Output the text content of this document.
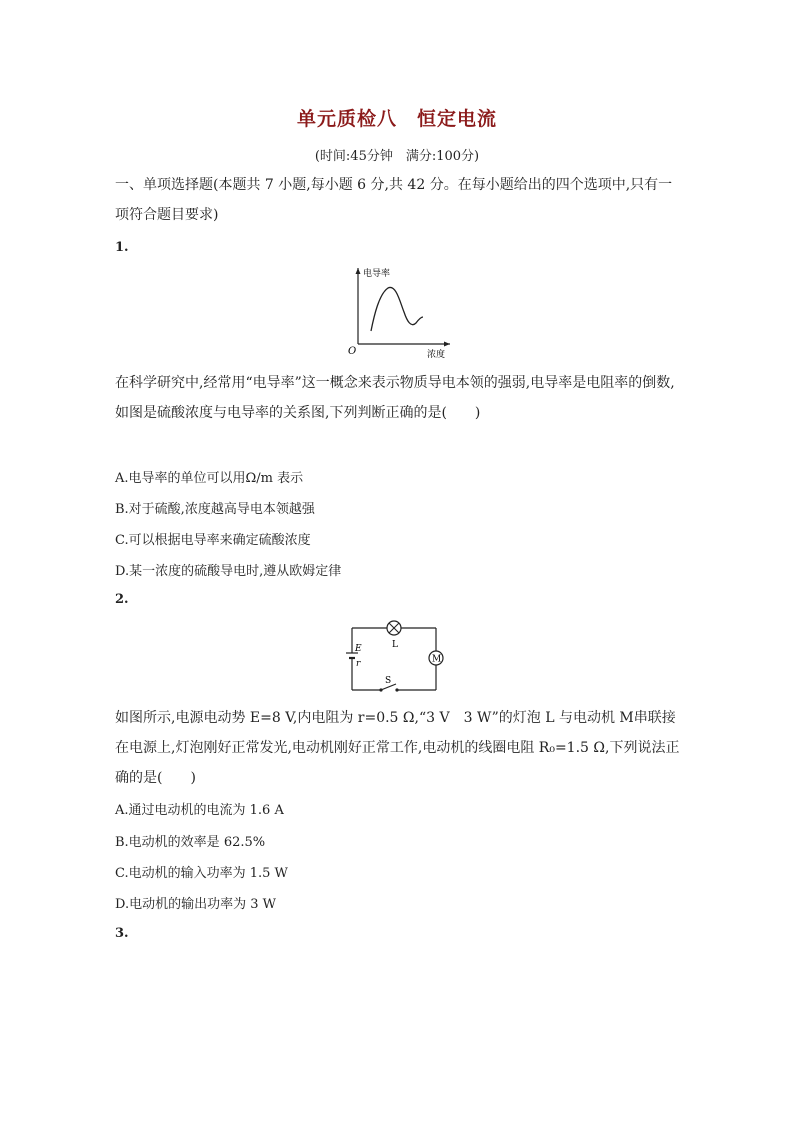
单元质检八　恒定电流
(时间:45分钟　满分:100分)
一、单项选择题(本题共 7 小题,每小题 6 分,共 42 分。在每小题给出的四个选项中,只有一项符合题目要求)
1.
电导率
浓度
O
在科学研究中,经常用“电导率”这一概念来表示物质导电本领的强弱,电导率是电阻率的倒数,如图是硫酸浓度与电导率的关系图,下列判断正确的是(　　)
A.电导率的单位可以用Ω/m 表示
B.对于硫酸,浓度越高导电本领越强
C.可以根据电导率来确定硫酸浓度
D.某一浓度的硫酸导电时,遵从欧姆定律
2.
L
M
E
r
S
如图所示,电源电动势 E=8 V,内电阻为 r=0.5 Ω,“3 V　3 W”的灯泡 L 与电动机 M串联接在电源上,灯泡刚好正常发光,电动机刚好正常工作,电动机的线圈电阻 R₀=1.5 Ω,下列说法正确的是(　　)
A.通过电动机的电流为 1.6 A
B.电动机的效率是 62.5%
C.电动机的输入功率为 1.5 W
D.电动机的输出功率为 3 W
3.
